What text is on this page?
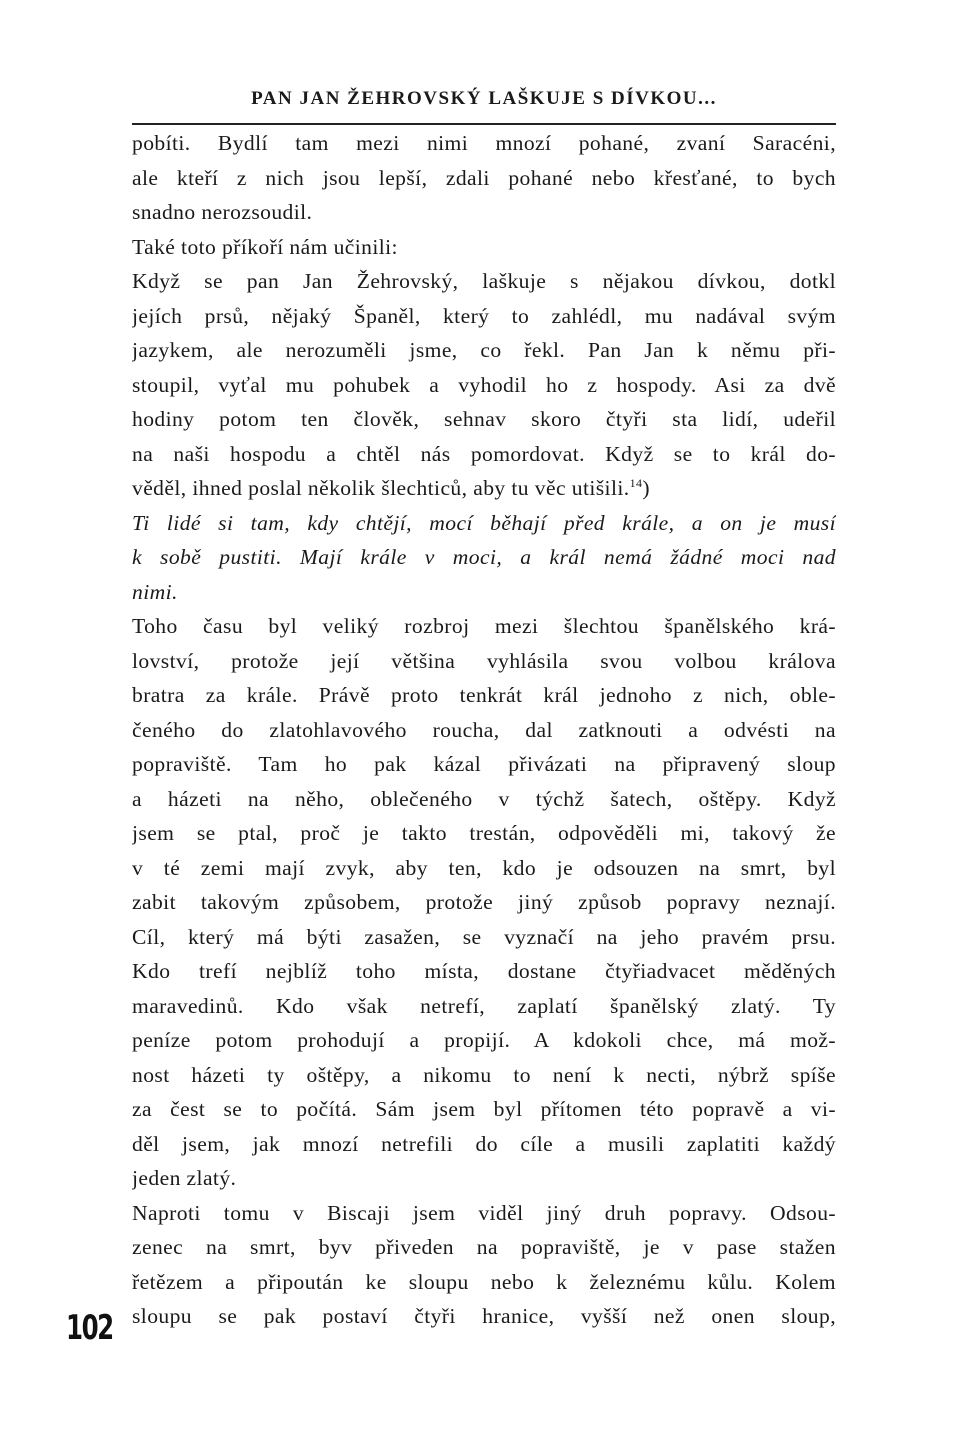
PAN JAN ŽEHROVSKÝ LAŠKUJE S DÍVKOU...
pobíti. Bydlí tam mezi nimi mnozí pohané, zvaní Saracéni,
ale kteří z nich jsou lepší, zdali pohané nebo křesťané, to bych
snadno nerozsoudil.
Také toto příkoří nám učinili:
Když se pan Jan Žehrovský, laškuje s nějakou dívkou, dotkl
jejích prsů, nějaký Španěl, který to zahlédl, mu nadával svým
jazykem, ale nerozuměli jsme, co řekl. Pan Jan k němu při-
stoupil, vyťal mu pohubek a vyhodil ho z hospody. Asi za dvě
hodiny potom ten člověk, sehnav skoro čtyři sta lidí, udeřil
na naši hospodu a chtěl nás pomordovat. Když se to král do-
věděl, ihned poslal několik šlechticů, aby tu věc utišili.$^{14}$)
Ti lidé si tam, kdy chtějí, mocí běhají před krále, a on je musí
k sobě pustiti. Mají krále v moci, a král nemá žádné moci nad
nimi.
Toho času byl veliký rozbroj mezi šlechtou španělského krá-
lovství, protože její většina vyhlásila svou volbou králova
bratra za krále. Právě proto tenkrát král jednoho z nich, oble-
čeného do zlatohlavového roucha, dal zatknouti a odvésti na
popraviště. Tam ho pak kázal přivázati na připravený sloup
a házeti na něho, oblečeného v týchž šatech, oštěpy. Když
jsem se ptal, proč je takto trestán, odpověděli mi, takový že
v té zemi mají zvyk, aby ten, kdo je odsouzen na smrt, byl
zabit takovým způsobem, protože jiný způsob popravy neznají.
Cíl, který má býti zasažen, se vyznačí na jeho pravém prsu.
Kdo trefí nejblíž toho místa, dostane čtyřiadvacet měděných
maravedinů. Kdo však netrefí, zaplatí španělský zlatý. Ty
peníze potom prohodují a propijí. A kdokoli chce, má mož-
nost házeti ty oštěpy, a nikomu to není k necti, nýbrž spíše
za čest se to počítá. Sám jsem byl přítomen této popravě a vi-
děl jsem, jak mnozí netrefili do cíle a musili zaplatiti každý
jeden zlatý.
Naproti tomu v Biscaji jsem viděl jiný druh popravy. Odsou-
zenec na smrt, byv přiveden na popraviště, je v pase stažen
řetězem a připoután ke sloupu nebo k železnému kůlu. Kolem
sloupu se pak postaví čtyři hranice, vyšší než onen sloup,
102
